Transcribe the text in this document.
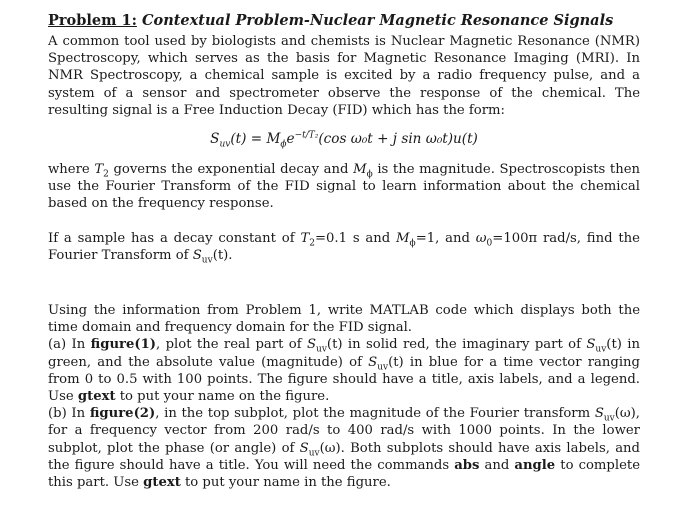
Problem 1: Contextual Problem-Nuclear Magnetic Resonance Signals

A common tool used by biologists and chemists is Nuclear Magnetic Resonance (NMR) Spectroscopy, which serves as the basis for Magnetic Resonance Imaging (MRI). In NMR Spectroscopy, a chemical sample is excited by a radio frequency pulse, and a system of a sensor and spectrometer observe the response of the chemical. The resulting signal is a Free Induction Decay (FID) which has the form:

$S_{uv}(t) = M_\phi e^{-t/T_2}(\cos$ ω₀t + j sin ω₀t)u(t)

where $T_2$ governs the exponential decay and $M_\phi$ is the magnitude. Spectroscopists then use the Fourier Transform of the FID signal to learn information about the chemical based on the frequency response.

If a sample has a decay constant of $T_2=0.1$ s and $M_\phi=1$, and $\omega_0=100\pi$ rad/s, find the Fourier Transform of $S_{uv}(t)$.

Using the information from Problem 1, write MATLAB code which displays both the time domain and frequency domain for the FID signal.

(a) In figure(1), plot the real part of $S_{uv}(t)$ in solid red, the imaginary part of $S_{uv}(t)$ in green, and the absolute value (magnitude) of $S_{uv}(t)$ in blue for a time vector ranging from 0 to 0.5 with 100 points. The figure should have a title, axis labels, and a legend. Use gtext to put your name on the figure.

(b) In figure(2), in the top subplot, plot the magnitude of the Fourier transform $S_{uv}(\omega)$, for a frequency vector from 200 rad/s to 400 rad/s with 1000 points. In the lower subplot, plot the phase (or angle) of $S_{uv}(\omega)$. Both subplots should have axis labels, and the figure should have a title. You will need the commands abs and angle to complete this part. Use gtext to put your name in the figure.
